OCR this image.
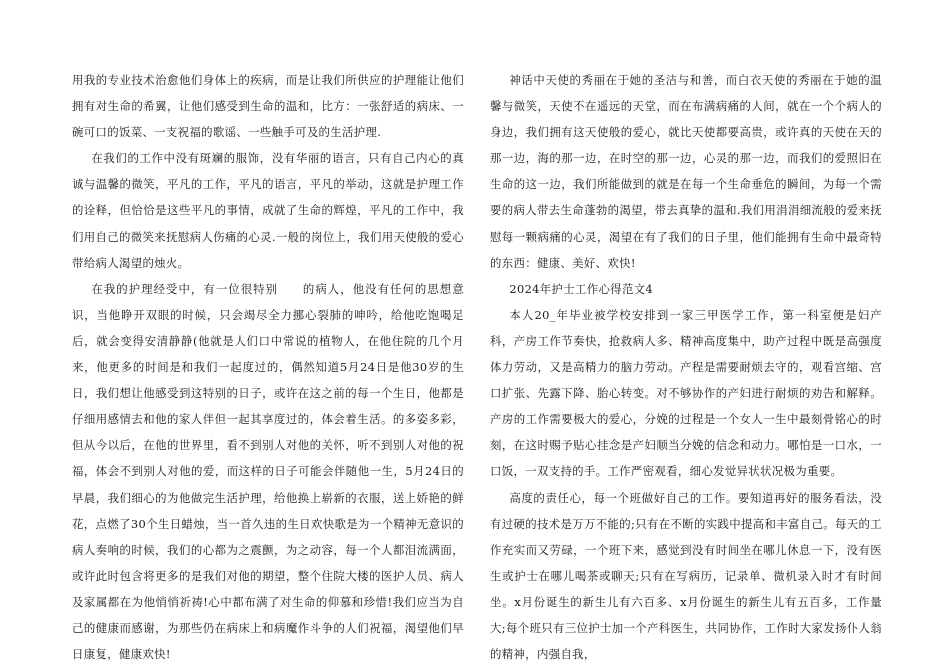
用我的专业技术治愈他们身体上的疾病，而是让我们所供应的护理能让他们拥有对生命的希翼，让他们感受到生命的温和，比方：一张舒适的病床、一碗可口的饭菜、一支祝福的歌谣、一些触手可及的生活护理.

在我们的工作中没有斑斓的服饰，没有华丽的语言，只有自己内心的真诚与温馨的微笑，平凡的工作，平凡的语言，平凡的举动，这就是护理工作的诠释，但恰恰是这些平凡的事情，成就了生命的辉煌，平凡的工作中，我们用自己的微笑来抚慰病人伤痛的心灵.一般的岗位上，我们用天使般的爱心带给病人渴望的烛火。

在我的护理经受中，有一位很特别　　的病人，他没有任何的思想意识，当他睁开双眼的时候，只会竭尽全力挪心裂肺的呻吟，给他吃饱喝足后，就会变得安清静静(他就是人们口中常说的植物人，在他住院的几个月来，他更多的时间是和我们一起度过的，偶然知道5月24日是他30岁的生日，我们想让他感受到这特别的日子，或许在这之前的每一个生日，他都是仔细用感情去和他的家人伴但一起其享度过的，体会着生活。的多姿多彩，但从今以后，在他的世界里，看不到别人对他的关怀，听不到别人对他的祝福，体会不到别人对他的爱，而这样的日子可能会伴随他一生，5月24日的早晨，我们细心的为他做完生活护理，给他换上崭新的衣服，送上娇艳的鲜花，点燃了30个生日蜡烛，当一首久违的生日欢快歌是为一个精神无意识的病人奏响的时候，我们的心都为之震颤，为之动容，每一个人都泪流满面，或许此时包含将更多的是我们对他的期望，整个住院大楼的医护人员、病人及家属都在为他悄悄祈祷!心中都布满了对生命的仰慕和珍惜!我们应当为自己的健康而感谢，为那些仍在病床上和病魔作斗争的人们祝福，渴望他们早日康复，健康欢快!

神话中天使的秀丽在于她的圣洁与和善，而白衣天使的秀丽在于她的温馨与微笑，天使不在遥远的天堂，而在布满病痛的人间，就在一个个病人的身边，我们拥有这天使般的爱心，就比天使都要高贵，或许真的天使在天的那一边，海的那一边，在时空的那一边，心灵的那一边，而我们的爱照旧在生命的这一边，我们所能做到的就是在每一个生命垂危的瞬间，为每一个需要的病人带去生命蓬勃的渴望，带去真挚的温和.我们用涓涓细流般的爱来抚慰每一颗病痛的心灵，渴望在有了我们的日子里，他们能拥有生命中最奇特的东西：健康、美好、欢快!

2024年护士工作心得范文4

本人20_年毕业被学校安排到一家三甲医学工作，第一科室便是妇产科，产房工作节奏快，抢救病人多、精神高度集中，助产过程中既是高强度体力劳动，又是高精力的脑力劳动。产程是需要耐烦去守的，观看宫缩、宫口扩张、先露下降、胎心转变。对不够协作的产妇进行耐烦的劝告和解释。产房的工作需要极大的爱心，分娩的过程是一个女人一生中最刻骨铭心的时刻，在这时赐予贴心挂念是产妇顺当分娩的信念和动力。哪怕是一口水，一口饭，一双支持的手。工作严密观看，细心发觉异状状况极为重要。

高度的责任心，每一个班做好自己的工作。要知道再好的服务看法，没有过硬的技术是万万不能的;只有在不断的实践中提高和丰富自己。每天的工作充实而又劳碌，一个班下来，感觉到没有时间坐在哪儿休息一下，没有医生或护士在哪儿喝茶或聊天;只有在写病历，记录单、微机录入时才有时间坐。x月份诞生的新生儿有六百多、x月份诞生的新生儿有五百多，工作量大;每个班只有三位护士加一个产科医生，共同协作，工作时大家发扬仆人翁的精神，内强自我，
